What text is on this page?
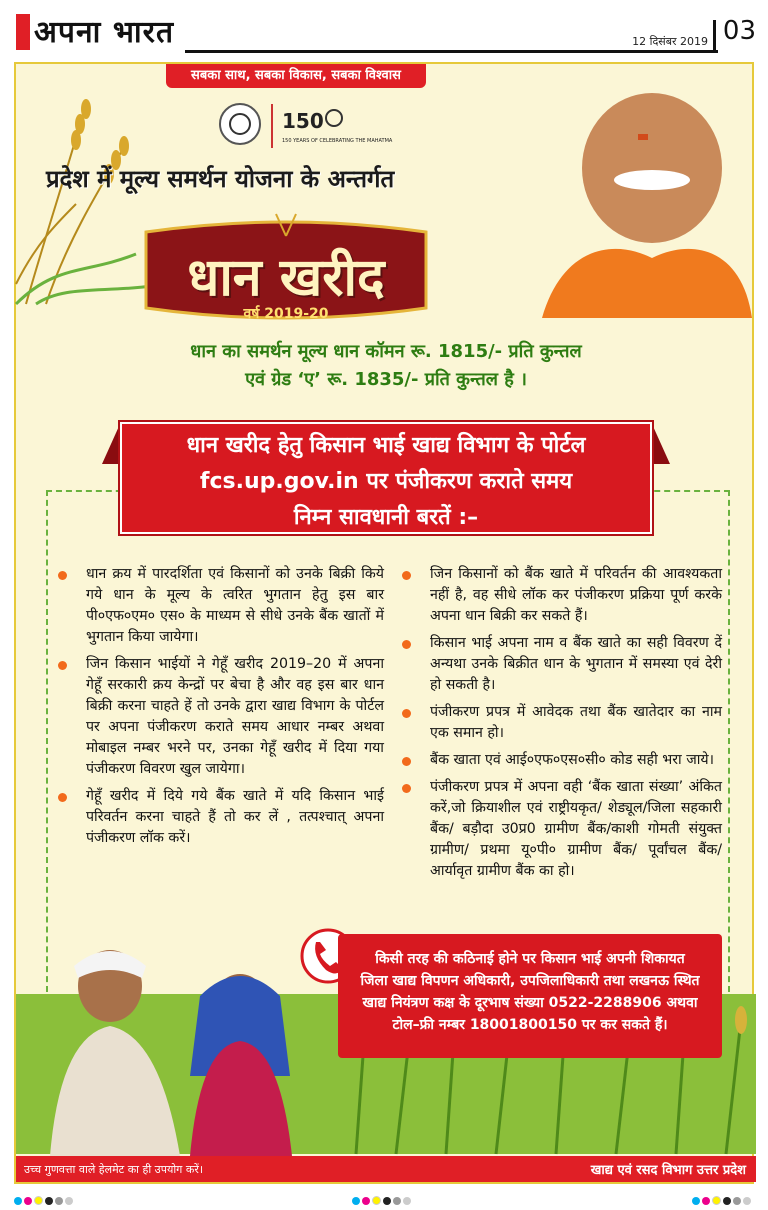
अपना भारत	12 दिसंबर 2019 03
सबका साथ, सबका विकास, सबका विश्वास
150
150 YEARS OF CELEBRATING THE MAHATMA
प्रदेश में मूल्य समर्थन योजना के अन्तर्गत
धान खरीद
वर्ष 2019-20
धान का समर्थन मूल्य धान कॉमन रू. 1815/- प्रति कुन्तल
एवं ग्रेड ‘ए’ रू. 1835/- प्रति कुन्तल है ।
धान खरीद हेतु किसान भाई खाद्य विभाग के पोर्टल
fcs.up.gov.in पर पंजीकरण कराते समय
निम्न सावधानी बरतें :–
धान क्रय में पारदर्शिता एवं किसानों को उनके बिक्री किये गये धान के मूल्य के त्वरित भुगतान हेतु इस बार पी०एफ०एम० एस० के माध्यम से सीधे उनके बैंक खातों में भुगतान किया जायेगा।
जिन किसान भाईयों ने गेहूँ खरीद 2019–20 में अपना गेहूँ सरकारी क्रय केन्द्रों पर बेचा है और वह इस बार धान बिक्री करना चाहते हें तो उनके द्वारा खाद्य विभाग के पोर्टल पर अपना पंजीकरण कराते समय आधार नम्बर अथवा मोबाइल नम्बर भरने पर, उनका गेहूँ खरीद में दिया गया पंजीकरण विवरण खुल जायेगा।
गेहूँ खरीद में दिये गये बैंक खाते में यदि किसान भाई परिवर्तन करना चाहते हैं तो कर लें , तत्पश्चात् अपना पंजीकरण लॉक करें।
जिन किसानों को बैंक खाते में परिवर्तन की आवश्यकता नहीं है, वह सीधे लॉक कर पंजीकरण प्रक्रिया पूर्ण करके अपना धान बिक्री कर सकते हैं।
किसान भाई अपना नाम व बैंक खाते का सही विवरण दें अन्यथा उनके बिक्रीत धान के भुगतान में समस्या एवं देरी हो सकती है।
पंजीकरण प्रपत्र में आवेदक तथा बैंक खातेदार का नाम एक समान हो।
बैंक खाता एवं आई०एफ०एस०सी० कोड सही भरा जाये।
पंजीकरण प्रपत्र में अपना वही ‘बैंक खाता संख्या’ अंकित करें,जो क्रियाशील एवं राष्ट्रीयकृत/ शेड्यूल/जिला सहकारी बैंक/ बड़ौदा उ0प्र0 ग्रामीण बैंक/काशी गोमती संयुक्त ग्रामीण/ प्रथमा यू०पी० ग्रामीण बैंक/ पूर्वांचल बैंक/ आर्यावृत ग्रामीण बैंक का हो।
किसी तरह की कठिनाई होने पर किसान भाई अपनी शिकायत
जिला खाद्य विपणन अधिकारी, उपजिलाधिकारी तथा लखनऊ स्थित
खाद्य नियंत्रण कक्ष के दूरभाष संख्या 0522-2288906 अथवा
टोल–फ्री नम्बर 18001800150 पर कर सकते हैं।
उच्च गुणवत्ता वाले हेलमेट का ही उपयोग करें।	खाद्य एवं रसद विभाग उत्तर प्रदेश
